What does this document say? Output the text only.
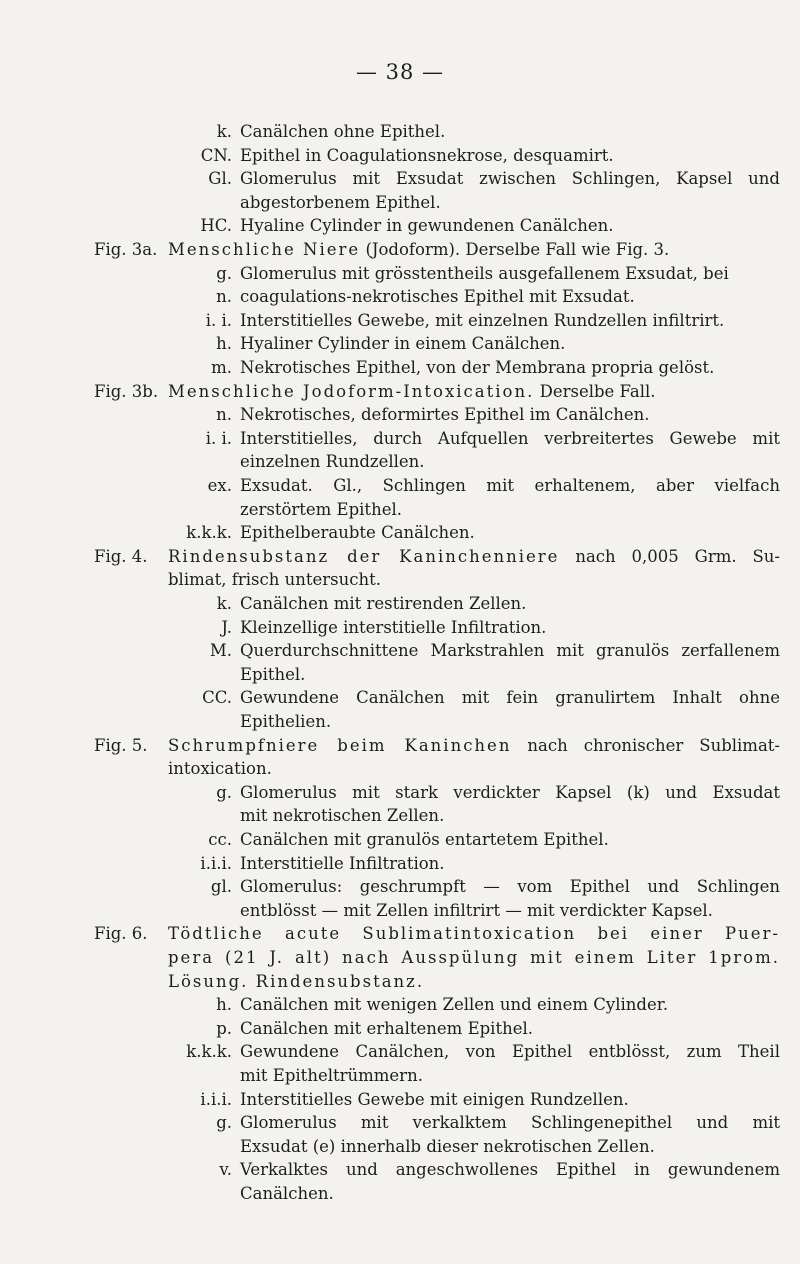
— 38 —
k. Canälchen ohne Epithel.
CN. Epithel in Coagulationsnekrose, desquamirt.
Gl. Glomerulus mit Exsudat zwischen Schlingen, Kapsel und
abgestorbenem Epithel.
HC. Hyaline Cylinder in gewundenen Canälchen.
Fig. 3a. Menschliche Niere (Jodoform). Derselbe Fall wie Fig. 3.
g. Glomerulus mit grösstentheils ausgefallenem Exsudat, bei
n. coagulations-nekrotisches Epithel mit Exsudat.
i. i. Interstitielles Gewebe, mit einzelnen Rundzellen infiltrirt.
h. Hyaliner Cylinder in einem Canälchen.
m. Nekrotisches Epithel, von der Membrana propria gelöst.
Fig. 3b. Menschliche Jodoform-Intoxication. Derselbe Fall.
n. Nekrotisches, deformirtes Epithel im Canälchen.
i. i. Interstitielles, durch Aufquellen verbreitertes Gewebe mit
einzelnen Rundzellen.
ex. Exsudat. Gl., Schlingen mit erhaltenem, aber vielfach
zerstörtem Epithel.
k.k.k. Epithelberaubte Canälchen.
Fig. 4.	Rindensubstanz der Kaninchenniere nach 0,005 Grm. Su-
blimat, frisch untersucht.
k. Canälchen mit restirenden Zellen.
J. Kleinzellige interstitielle Infiltration.
M. Querdurchschnittene Markstrahlen mit granulös zerfallenem
Epithel.
CC. Gewundene Canälchen mit fein granulirtem Inhalt ohne
Epithelien.
Fig. 5.	Schrumpfniere beim Kaninchen nach chronischer Sublimat-
intoxication.
g. Glomerulus mit stark verdickter Kapsel (k) und Exsudat
mit nekrotischen Zellen.
cc. Canälchen mit granulös entartetem Epithel.
i.i.i. Interstitielle Infiltration.
gl. Glomerulus: geschrumpft — vom Epithel und Schlingen
entblösst — mit Zellen infiltrirt — mit verdickter Kapsel.
Fig. 6.	Tödtliche acute Sublimatintoxication bei einer Puer-
pera (21 J. alt) nach Ausspülung mit einem Liter 1prom.
Lösung. Rindensubstanz.
h. Canälchen mit wenigen Zellen und einem Cylinder.
p. Canälchen mit erhaltenem Epithel.
k.k.k. Gewundene Canälchen, von Epithel entblösst, zum Theil
mit Epitheltrümmern.
i.i.i. Interstitielles Gewebe mit einigen Rundzellen.
g. Glomerulus mit verkalktem Schlingenepithel und mit
Exsudat (e) innerhalb dieser nekrotischen Zellen.
v. Verkalktes und angeschwollenes Epithel in gewundenem
Canälchen.
